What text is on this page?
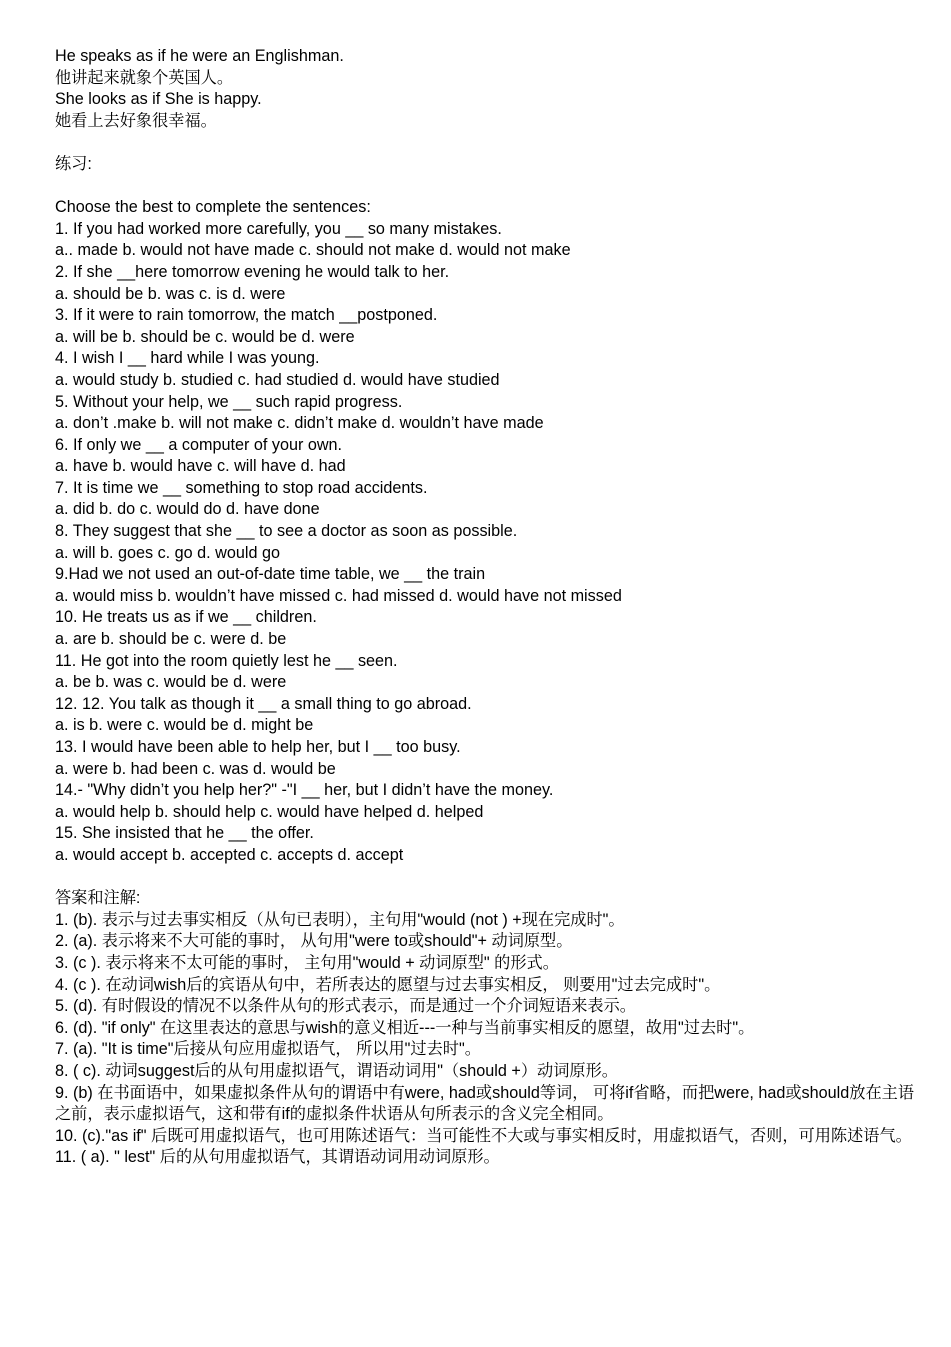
He speaks as if he were an Englishman.
他讲起来就象个英国人。
She looks as if She is happy.
她看上去好象很幸福。
练习:
Choose the best to complete the sentences:
1. If you had worked more carefully, you __ so many mistakes.
a.. made b. would not have made c. should not make d. would not make
2. If she __here tomorrow evening he would talk to her.
a. should be b. was c. is d. were
3. If it were to rain tomorrow, the match __postponed.
a. will be b. should be c. would be d. were
4. I wish I __ hard while I was young.
a. would study b. studied c. had studied d. would have studied
5. Without your help, we __ such rapid progress.
a. don’t .make b. will not make c. didn’t make d. wouldn’t have made
6. If only we __ a computer of your own.
a. have b. would have c. will have d. had
7. It is time we __ something to stop road accidents.
a. did b. do c. would do d. have done
8. They suggest that she __ to see a doctor as soon as possible.
a. will b. goes c. go d. would go
9.Had we not used an out-of-date time table, we __ the train
a. would miss b. wouldn’t have missed c. had missed d. would have not missed
10. He treats us as if we __ children.
a. are b. should be c. were d. be
11. He got into the room quietly lest he __ seen.
a. be b. was c. would be d. were
12. 12. You talk as though it __ a small thing to go abroad.
a. is b. were c. would be d. might be
13. I would have been able to help her, but I __ too busy.
a. were b. had been c. was d. would be
14.- "Why didn’t you help her?" -"I __ her, but I didn’t have the money.
a. would help b. should help c. would have helped d. helped
15. She insisted that he __ the offer.
a. would accept b. accepted c. accepts d. accept
答案和注解:
1. (b). 表示与过去事实相反（从句已表明），主句用"would (not ) +现在完成时"。
2. (a). 表示将来不大可能的事时， 从句用"were to或should"+ 动词原型。
3. (c ). 表示将来不太可能的事时， 主句用"would + 动词原型" 的形式。
4. (c ). 在动词wish后的宾语从句中，若所表达的愿望与过去事实相反， 则要用"过去完成时"。
5. (d). 有时假设的情况不以条件从句的形式表示，而是通过一个介词短语来表示。
6. (d). "if only" 在这里表达的意思与wish的意义相近---一种与当前事实相反的愿望，故用"过去时"。
7. (a). "It is time"后接从句应用虚拟语气， 所以用"过去时"。
8. ( c). 动词suggest后的从句用虚拟语气，谓语动词用"（should +）动词原形。
9. (b) 在书面语中，如果虚拟条件从句的谓语中有were, had或should等词， 可将if省略，而把were, had或should放在主语之前，表示虚拟语气，这和带有if的虚拟条件状语从句所表示的含义完全相同。
10. (c)."as if" 后既可用虚拟语气，也可用陈述语气：当可能性不大或与事实相反时，用虚拟语气，否则，可用陈述语气。
11. ( a). " lest" 后的从句用虚拟语气，其谓语动词用动词原形。
